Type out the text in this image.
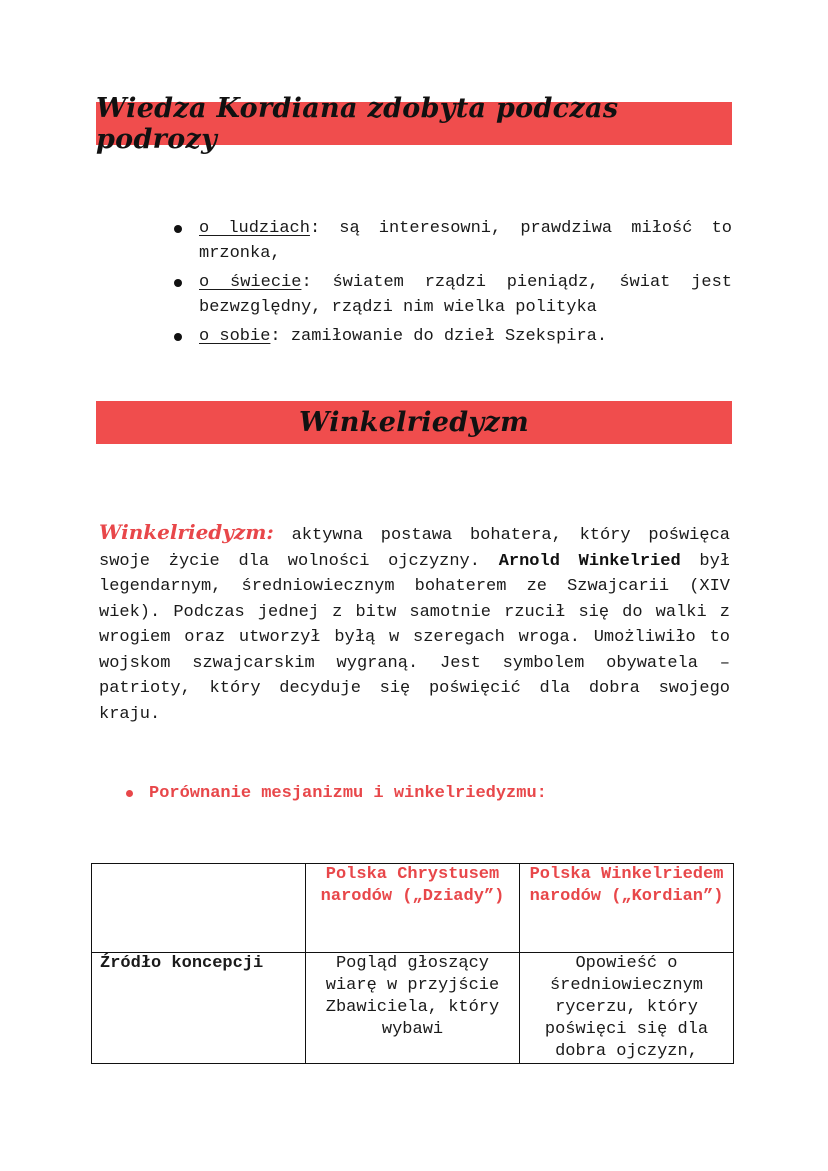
Wiedza Kordiana zdobyta podczas podrozy
o ludziach: są interesowni, prawdziwa miłość to mrzonka,
o świecie: światem rządzi pieniądz, świat jest bezwzględny, rządzi nim wielka polityka
o sobie: zamiłowanie do dzieł Szekspira.
Winkelriedyzm

Winkelriedyzm: aktywna postawa bohatera, który poświęca swoje życie dla wolności ojczyzny. Arnold Winkelried był legendarnym, średniowiecznym bohaterem ze Szwajcarii (XIV wiek). Podczas jednej z bitw samotnie rzucił się do walki z wrogiem oraz utworzył byłą w szeregach wroga. Umożliwiło to wojskom szwajcarskim wygraną. Jest symbolem obywatela – patrioty, który decyduje się poświęcić dla dobra swojego kraju.

Porównanie mesjanizmu i winkelriedyzmu:
	Polska Chrystusem narodów („Dziady”)	Polska Winkelriedem narodów („Kordian”)
Źródło koncepcji	Pogląd głoszący wiarę w przyjście Zbawiciela, który wybawi	Opowieść o średniowiecznym rycerzu, który poświęci się dla dobra ojczyzn,
